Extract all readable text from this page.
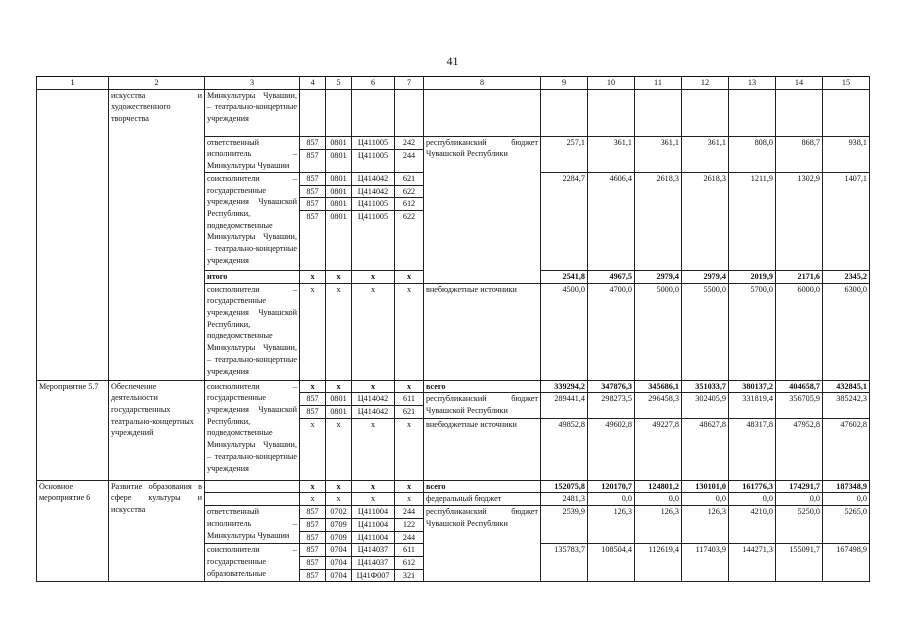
41
1	2	3	4	5	6	7	8	9	10	11	12	13	14	15
	искусства и художественного творчества	Минкультуры Чувашии, – театрально-концертные учреждения												
		ответственный исполнитель – Минкультуры Чувашии	857	0801	Ц411005	242	республиканский бюджет Чувашской Республики	257,1	361,1	361,1	361,1	808,0	868,7	938,1
			857	0801	Ц411005	244								
		соисполнители – государственные учреждения Чувашской Республики, подведомственные Минкультуры Чувашии, – театрально-концертные учреждения	857	0801	Ц414042	621		2284,7	4606,4	2618,3	2618,3	1211,9	1302,9	1407,1
			857	0801	Ц414042	622								
			857	0801	Ц411005	612								
			857	0801	Ц411005	622								
		итого	x	x	x	x		2541,8	4967,5	2979,4	2979,4	2019,9	2171,6	2345,2
		соисполнители – государственные учреждения Чувашской Республики, подведомственные Минкультуры Чувашии, – театрально-концертные учреждения	x	x	x	x	внебюджетные источники	4500,0	4700,0	5000,0	5500,0	5700,0	6000,0	6300,0
Мероприятие 5.7	Обеспечение деятельности государственных театрально-концертных учреждений	соисполнители – государственные учреждения Чувашской Республики, подведомственные Минкультуры Чувашии, – театрально-концертные учреждения	x	x	x	x	всего	339294,2	347876,3	345686,1	351033,7	380137,2	404658,7	432845,1
			857	0801	Ц414042	611	республиканский бюджет Чувашской Республики	289441,4	298273,5	296458,3	302405,9	331819,4	356705,9	385242,3
			857	0801	Ц414042	621								
			x	x	x	x	внебюджетные источники	49852,8	49602,8	49227,8	48627,8	48317,8	47952,8	47602,8
Основное мероприятие 6	Развитие образования в сфере культуры и искусства		x	x	x	x	всего	152075,8	120170,7	124801,2	130101,0	161776,3	174291,7	187348,9
			x	x	x	x	федеральный бюджет	2481,3	0,0	0,0	0,0	0,0	0,0	0,0
		ответственный исполнитель – Минкультуры Чувашии	857	0702	Ц411004	244	республиканский бюджет Чувашской Республики	2539,9	126,3	126,3	126,3	4210,0	5250,0	5265,0
			857	0709	Ц411004	122								
			857	0709	Ц411004	244								
		соисполнители – государственные образовательные	857	0704	Ц414037	611		135783,7	108504,4	112619,4	117403,9	144271,3	155091,7	167498,9
			857	0704	Ц414037	612								
			857	0704	Ц41Ф007	321								
